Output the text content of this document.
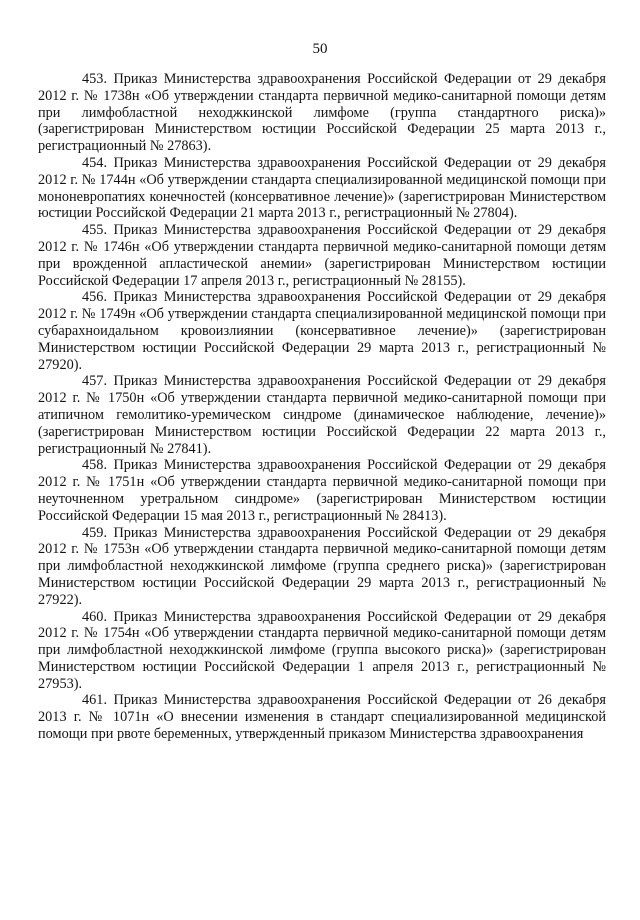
50

453. Приказ Министерства здравоохранения Российской Федерации от 29 декабря 2012 г. № 1738н «Об утверждении стандарта первичной медико-санитарной помощи детям при лимфобластной неходжкинской лимфоме (группа стандартного риска)» (зарегистрирован Министерством юстиции Российской Федерации 25 марта 2013 г., регистрационный № 27863).

454. Приказ Министерства здравоохранения Российской Федерации от 29 декабря 2012 г. № 1744н «Об утверждении стандарта специализированной медицинской помощи при мононевропатиях конечностей (консервативное лечение)» (зарегистрирован Министерством юстиции Российской Федерации 21 марта 2013 г., регистрационный № 27804).

455. Приказ Министерства здравоохранения Российской Федерации от 29 декабря 2012 г. № 1746н «Об утверждении стандарта первичной медико-санитарной помощи детям при врожденной апластической анемии» (зарегистрирован Министерством юстиции Российской Федерации 17 апреля 2013 г., регистрационный № 28155).

456. Приказ Министерства здравоохранения Российской Федерации от 29 декабря 2012 г. № 1749н «Об утверждении стандарта специализированной медицинской помощи при субарахноидальном кровоизлиянии (консервативное лечение)» (зарегистрирован Министерством юстиции Российской Федерации 29 марта 2013 г., регистрационный № 27920).

457. Приказ Министерства здравоохранения Российской Федерации от 29 декабря 2012 г. № 1750н «Об утверждении стандарта первичной медико-санитарной помощи при атипичном гемолитико-уремическом синдроме (динамическое наблюдение, лечение)» (зарегистрирован Министерством юстиции Российской Федерации 22 марта 2013 г., регистрационный № 27841).

458. Приказ Министерства здравоохранения Российской Федерации от 29 декабря 2012 г. № 1751н «Об утверждении стандарта первичной медико-санитарной помощи при неуточненном уретральном синдроме» (зарегистрирован Министерством юстиции Российской Федерации 15 мая 2013 г., регистрационный № 28413).

459. Приказ Министерства здравоохранения Российской Федерации от 29 декабря 2012 г. № 1753н «Об утверждении стандарта первичной медико-санитарной помощи детям при лимфобластной неходжкинской лимфоме (группа среднего риска)» (зарегистрирован Министерством юстиции Российской Федерации 29 марта 2013 г., регистрационный № 27922).

460. Приказ Министерства здравоохранения Российской Федерации от 29 декабря 2012 г. № 1754н «Об утверждении стандарта первичной медико-санитарной помощи детям при лимфобластной неходжкинской лимфоме (группа высокого риска)» (зарегистрирован Министерством юстиции Российской Федерации 1 апреля 2013 г., регистрационный № 27953).

461. Приказ Министерства здравоохранения Российской Федерации от 26 декабря 2013 г. № 1071н «О внесении изменения в стандарт специализированной медицинской помощи при рвоте беременных, утвержденный приказом Министерства здравоохранения
